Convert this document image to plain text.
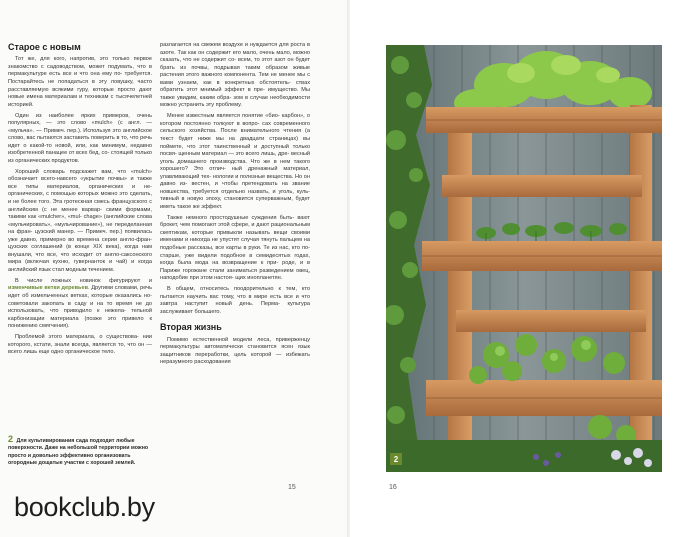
Старое с новым

Тот же, для кого, напротив, это только первое знакомство с садоводством, может подумать, что в пермакультуре есть все и что она ему по- требуется. Постарайтесь не попадаться в эту ловушку, часто расставляемую всякими гуру, которые просто дают новые имена материалам и техникам с тысячелетней историей.

Один из наиболее ярких примеров, очень популярных, — это слово «mulch» (с англ. — «мульча». — Примеч. пер.). Используя это английское слово, вас пытаются заставить поверить в то, что речь идет о какой-то новой, или, как минимум, недавно изобретенной панацее от всех бед, со- стоящей только из органических продуктов.

Хороший словарь подскажет вам, что «mulch» обозначает всего-навсего «укрытие почвы» и также все типы материалов, органических и не- органических, с помощью которых можно это сделать, и не более того. Эта гротескная смесь французского с английским (с не менее варвар- скими формами, такими как «mulcher», «mul- chage» (английские слова «мульчировать», «мульчирование»), не переделанная на фран- цузский манер. — Примеч. пер.) появилась уже давно, примерно во времена серии англо-фран- цузских соглашений (в конце XIX века), когда нам внушали, что все, что исходит от англо-саксонского мира (включая кухню, гувернанток и чай) и когда английский язык стал модным течением.

В числе ложных новинок фигурируют и изменчивые ветки деревьев. Другими словами, речь идет об измельченных ветках, которые оказались но- советовали закопать в саду и на то время не до использовать, что приводило к нежела- тельной карбонизации материала (позже это привело к понижению смягчения).

Проблемой этого материала, о существова- нии которого, кстати, знали всегда, является то, что он — всего лишь еще одно органическое тело.

2 Для культивирования сада подходит любые поверхности. Даже на небольшой территории можно просто и довольно эффективно организовать огородные дощатые участки с хорошей землей.

разлагается на свежем воздухе и нуждается для роста в азоте. Так как он содержит его мало, очень мало, можно сказать, что не содержит со- всем, то этот азот он будет брать из почвы, подрывая таким образом живые растения этого важного компонента. Тем не менее мы с вами узнаем, как в конкретных обстоятель- ствах обратить этот мнимый эффект в пре- имущество. Мы также увидим, каким обра- зом в случае необходимости можно устранить эту проблему.

Менее известным является понятие «био- карбон», о котором постоянно толкуют в вопро- сах современного сельского хозяйства. После внимательного чтения (а текст будет ниже мы на двадцати страницах) вы поймете, что этот таинственный и доступный только посвя- щенным материал — это всего лишь, дре- весный уголь домашнего производства. Что же в нем такого хорошего? Это отлич- ный дренажный материал, улавливающий тех- нологии и полезные вещества. Но он давно из- вестен, и чтобы претендовать на звание новшества, требуется отдельно назвать, и уголь, куль- тивный в новую эпоху, становится суперважным, будет иметь такое же эффект.

Также немного простодушные суждения быть- вают брокет, чем помогают этой сфере, и дают рациональным скептикам, которые привыкли называть вещи своими именами и никогда не упустят случая тянуть пальцем на подобные рассказы, все карты в руки. Те из нас, кто по- старше, уже видели подобное в семидесятых годах, когда была мода на возвращение к при- роде, и в Париже горожане стали заниматься разведением овец, наподобие при этом настоя- щих инопланетян.

В общем, относитесь поодорительно к тем, кто пытается научить вас тому, что в мире есть все и что завтра наступит новый день. Перма- культура заслуживает большего.

Вторая жизнь

Помимо естественной модели леса, приверженцу пермакультуры автоматически становится ясен язык защитников переработки, цель которой — избежать неразумного расходования

15	16
2
bookclub.by
